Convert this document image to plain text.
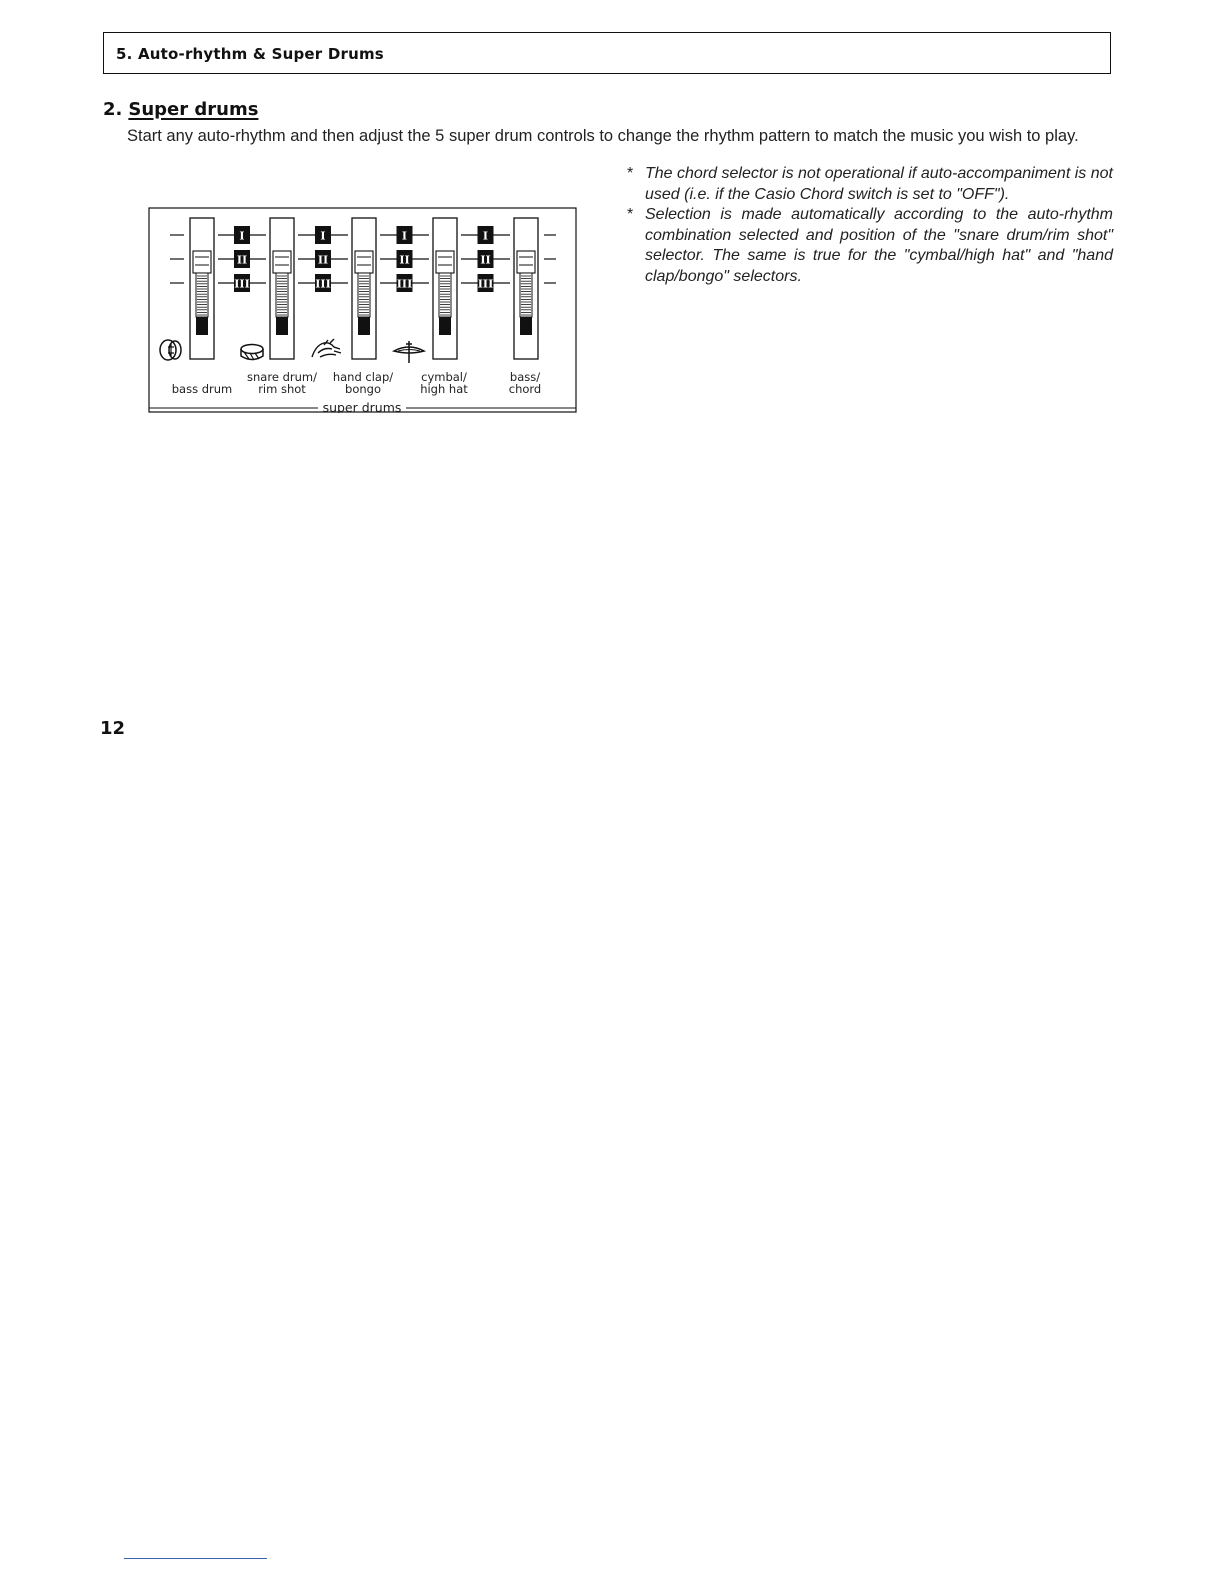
5. Auto-rhythm & Super Drums
2. Super drums
Start any auto-rhythm and then adjust the 5 super drum controls to change the rhythm pattern to match the music you wish to play.
* The chord selector is not operational if auto-accompaniment is not used (i.e. if the Casio Chord switch is set to "OFF").
* Selection is made automatically according to the auto-rhythm combination selected and position of the "snare drum/rim shot" selector. The same is true for the "cymbal/high hat" and "hand clap/bongo" selectors.
I
II
III
I
II
III
I
II
III
I
II
III
bass drum
snare drum/
rim shot
hand clap/
bongo
cymbal/
high hat
bass/
chord
super drums
12
